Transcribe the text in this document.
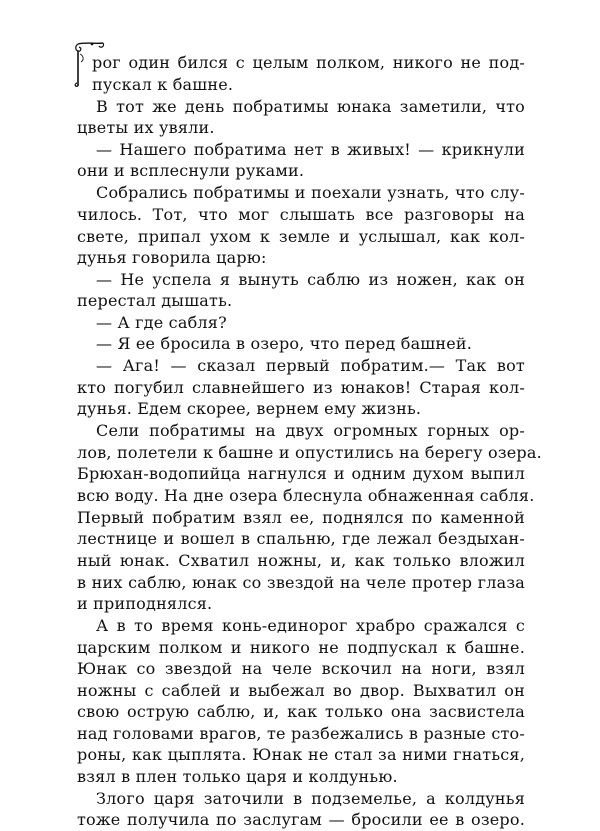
рог один бился с целым полком, никого не под-
пускал к башне.
В тот же день побратимы юнака заметили, что
цветы их увяли.
— Нашего побратима нет в живых! — крикнули
они и всплеснули руками.
Собрались побратимы и поехали узнать, что слу-
чилось. Тот, что мог слышать все разговоры на
свете, припал ухом к земле и услышал, как кол-
дунья говорила царю:
— Не успела я вынуть саблю из ножен, как он
перестал дышать.
— А где сабля?
— Я ее бросила в озеро, что перед башней.
— Ага! — сказал первый побратим.— Так вот
кто погубил славнейшего из юнаков! Старая кол-
дунья. Едем скорее, вернем ему жизнь.
Сели побратимы на двух огромных горных ор-
лов, полетели к башне и опустились на берегу озера.
Брюхан-водопийца нагнулся и одним духом выпил
всю воду. На дне озера блеснула обнаженная сабля.
Первый побратим взял ее, поднялся по каменной
лестнице и вошел в спальню, где лежал бездыхан-
ный юнак. Схватил ножны, и, как только вложил
в них саблю, юнак со звездой на челе протер глаза
и приподнялся.
А в то время конь-единорог храбро сражался с
царским полком и никого не подпускал к башне.
Юнак со звездой на челе вскочил на ноги, взял
ножны с саблей и выбежал во двор. Выхватил он
свою острую саблю, и, как только она засвистела
над головами врагов, те разбежались в разные сто-
роны, как цыплята. Юнак не стал за ними гнаться,
взял в плен только царя и колдунью.
Злого царя заточили в подземелье, а колдунья
тоже получила по заслугам — бросили ее в озеро.
